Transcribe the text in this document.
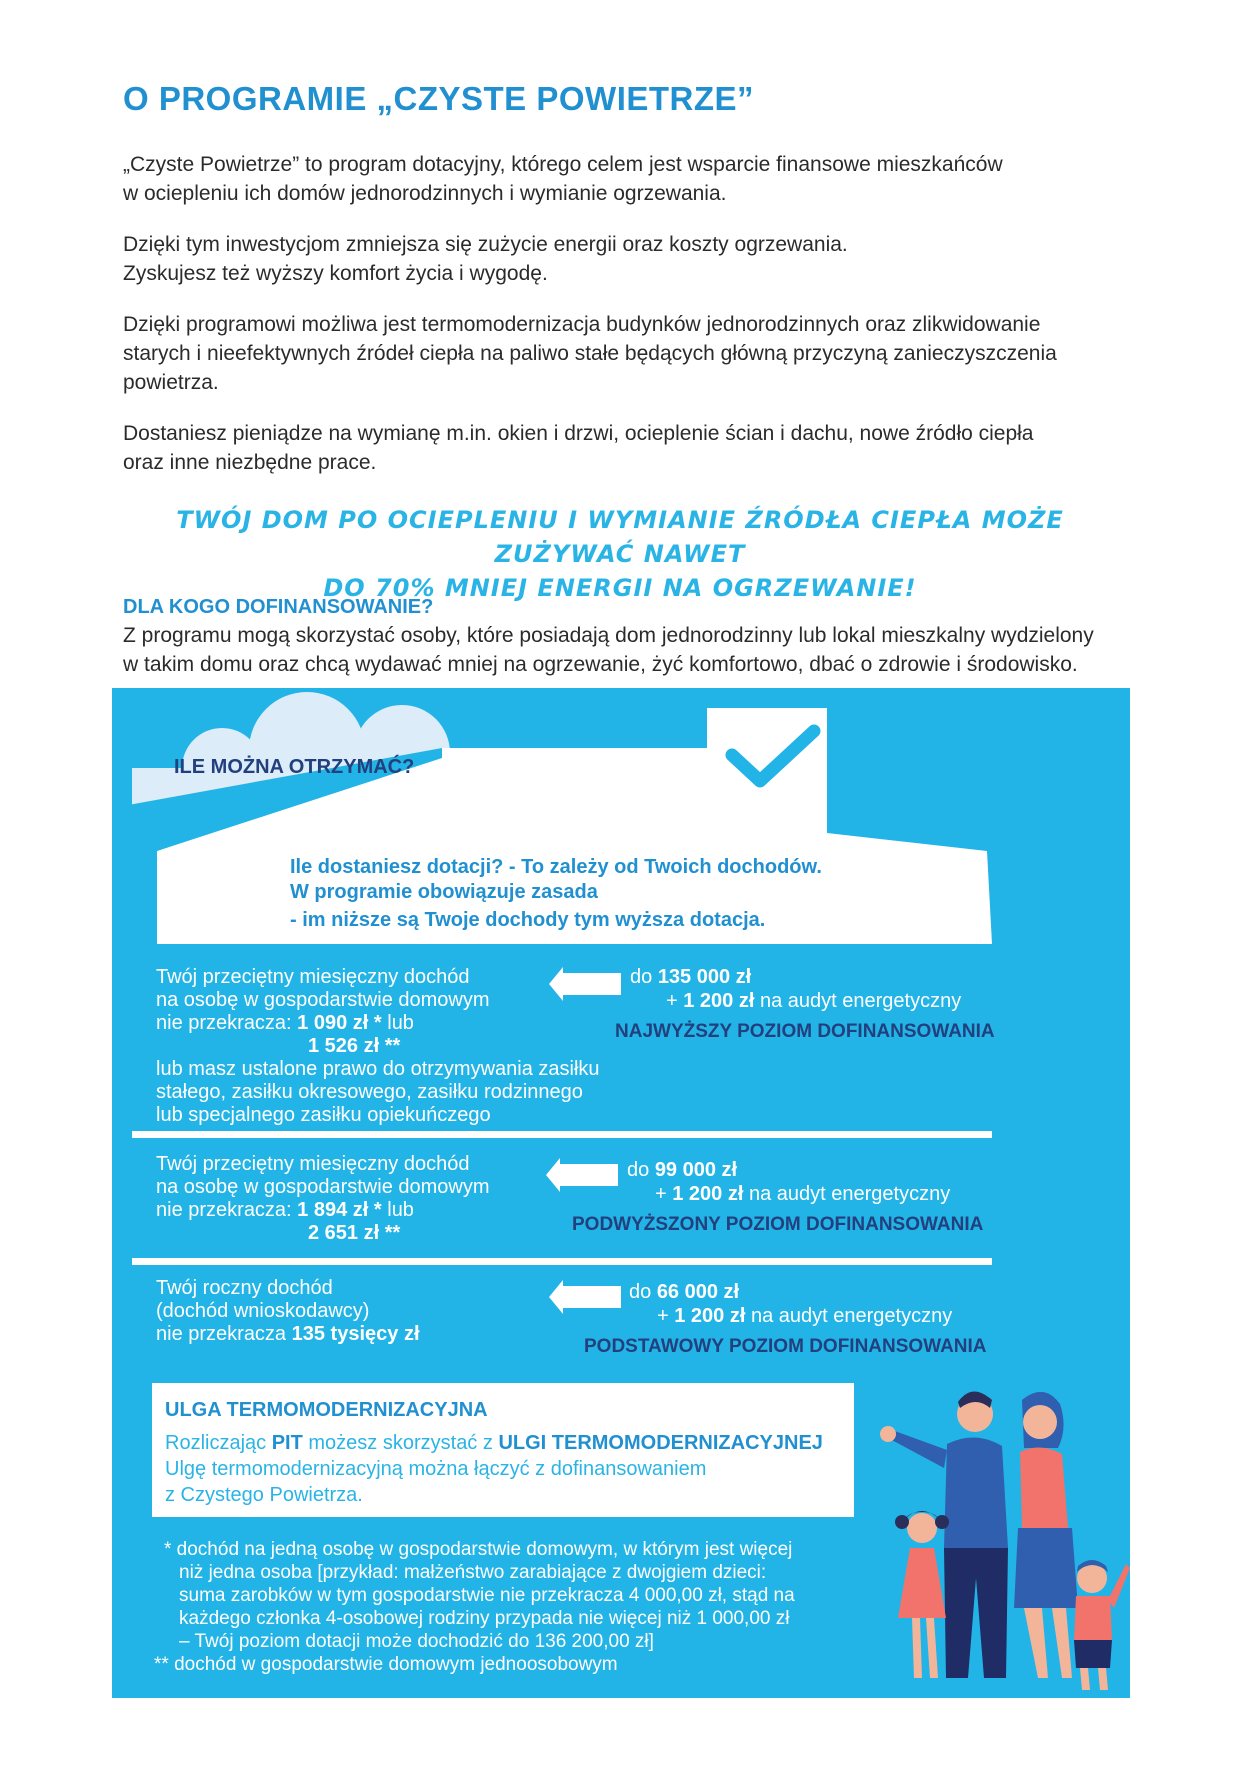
O PROGRAMIE „CZYSTE POWIETRZE”
„Czyste Powietrze” to program dotacyjny, którego celem jest wsparcie finansowe mieszkańców
w ociepleniu ich domów jednorodzinnych i wymianie ogrzewania.
Dzięki tym inwestycjom zmniejsza się zużycie energii oraz koszty ogrzewania.
Zyskujesz też wyższy komfort życia i wygodę.
Dzięki programowi możliwa jest termomodernizacja budynków jednorodzinnych oraz zlikwidowanie
starych i nieefektywnych źródeł ciepła na paliwo stałe będących główną przyczyną zanieczyszczenia
powietrza.
Dostaniesz pieniądze na wymianę m.in. okien i drzwi, ocieplenie ścian i dachu, nowe źródło ciepła
oraz inne niezbędne prace.
TWÓJ DOM PO OCIEPLENIU I WYMIANIE ŹRÓDŁA CIEPŁA MOŻE ZUŻYWAĆ NAWET
DO 70% MNIEJ ENERGII NA OGRZEWANIE!
DLA KOGO DOFINANSOWANIE?
Z programu mogą skorzystać osoby, które posiadają dom jednorodzinny lub lokal mieszkalny wydzielony
w takim domu oraz chcą wydawać mniej na ogrzewanie, żyć komfortowo, dbać o zdrowie i środowisko.
ILE MOŻNA OTRZYMAĆ?
Ile dostaniesz dotacji? - To zależy od Twoich dochodów.
W programie obowiązuje zasada
- im niższe są Twoje dochody tym wyższa dotacja.
Twój przeciętny miesięczny dochód
na osobę w gospodarstwie domowym
nie przekracza: 1 090 zł * lub
1 526 zł **
lub masz ustalone prawo do otrzymywania zasiłku
stałego, zasiłku okresowego, zasiłku rodzinnego
lub specjalnego zasiłku opiekuńczego
do 135 000 zł
+ 1 200 zł na audyt energetyczny
NAJWYŻSZY POZIOM DOFINANSOWANIA
Twój przeciętny miesięczny dochód
na osobę w gospodarstwie domowym
nie przekracza: 1 894 zł * lub
2 651 zł **
do 99 000 zł
+ 1 200 zł na audyt energetyczny
PODWYŻSZONY POZIOM DOFINANSOWANIA
Twój roczny dochód
(dochód wnioskodawcy)
nie przekracza 135 tysięcy zł
do 66 000 zł
+ 1 200 zł na audyt energetyczny
PODSTAWOWY POZIOM DOFINANSOWANIA
ULGA TERMOMODERNIZACYJNA
Rozliczając PIT możesz skorzystać z ULGI TERMOMODERNIZACYJNEJ
Ulgę termomodernizacyjną można łączyć z dofinansowaniem
z Czystego Powietrza.
* dochód na jedną osobę w gospodarstwie domowym, w którym jest więcej
niż jedna osoba [przykład: małżeństwo zarabiające z dwojgiem dzieci:
suma zarobków w tym gospodarstwie nie przekracza 4 000,00 zł, stąd na
każdego członka 4-osobowej rodziny przypada nie więcej niż 1 000,00 zł
– Twój poziom dotacji może dochodzić do 136 200,00 zł]
** dochód w gospodarstwie domowym jednoosobowym
